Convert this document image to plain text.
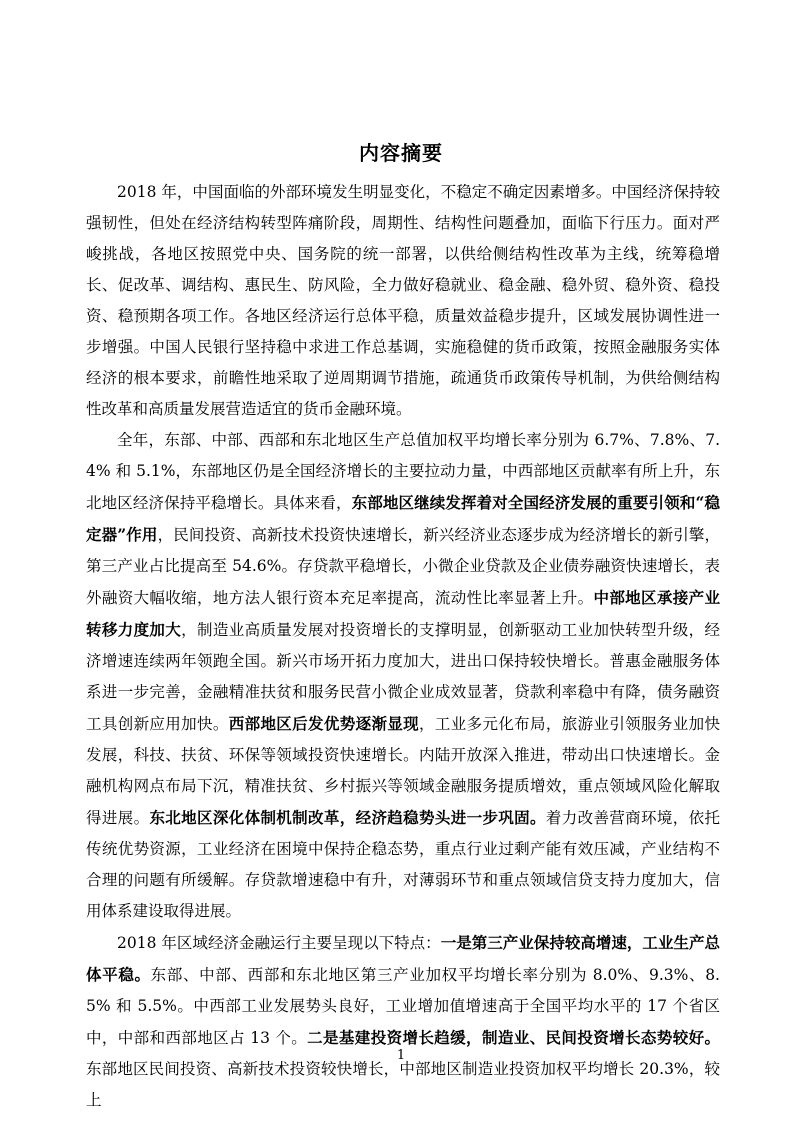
内容摘要

2018 年，中国面临的外部环境发生明显变化，不稳定不确定因素增多。中国经济保持较强韧性，但处在经济结构转型阵痛阶段，周期性、结构性问题叠加，面临下行压力。面对严峻挑战，各地区按照党中央、国务院的统一部署，以供给侧结构性改革为主线，统筹稳增长、促改革、调结构、惠民生、防风险，全力做好稳就业、稳金融、稳外贸、稳外资、稳投资、稳预期各项工作。各地区经济运行总体平稳，质量效益稳步提升，区域发展协调性进一步增强。中国人民银行坚持稳中求进工作总基调，实施稳健的货币政策，按照金融服务实体经济的根本要求，前瞻性地采取了逆周期调节措施，疏通货币政策传导机制，为供给侧结构性改革和高质量发展营造适宜的货币金融环境。

全年，东部、中部、西部和东北地区生产总值加权平均增长率分别为 6.7%、7.8%、7.4% 和 5.1%，东部地区仍是全国经济增长的主要拉动力量，中西部地区贡献率有所上升，东北地区经济保持平稳增长。具体来看，东部地区继续发挥着对全国经济发展的重要引领和“稳定器”作用，民间投资、高新技术投资快速增长，新兴经济业态逐步成为经济增长的新引擎，第三产业占比提高至 54.6%。存贷款平稳增长，小微企业贷款及企业债券融资快速增长，表外融资大幅收缩，地方法人银行资本充足率提高，流动性比率显著上升。中部地区承接产业转移力度加大，制造业高质量发展对投资增长的支撑明显，创新驱动工业加快转型升级，经济增速连续两年领跑全国。新兴市场开拓力度加大，进出口保持较快增长。普惠金融服务体系进一步完善，金融精准扶贫和服务民营小微企业成效显著，贷款利率稳中有降，债务融资工具创新应用加快。西部地区后发优势逐渐显现，工业多元化布局，旅游业引领服务业加快发展，科技、扶贫、环保等领域投资快速增长。内陆开放深入推进，带动出口快速增长。金融机构网点布局下沉，精准扶贫、乡村振兴等领域金融服务提质增效，重点领域风险化解取得进展。东北地区深化体制机制改革，经济趋稳势头进一步巩固。着力改善营商环境，依托传统优势资源，工业经济在困境中保持企稳态势，重点行业过剩产能有效压减，产业结构不合理的问题有所缓解。存贷款增速稳中有升，对薄弱环节和重点领域信贷支持力度加大，信用体系建设取得进展。

2018 年区域经济金融运行主要呈现以下特点：一是第三产业保持较高增速，工业生产总体平稳。东部、中部、西部和东北地区第三产业加权平均增长率分别为 8.0%、9.3%、8.5% 和 5.5%。中西部工业发展势头良好，工业增加值增速高于全国平均水平的 17 个省区中，中部和西部地区占 13 个。二是基建投资增长趋缓，制造业、民间投资增长态势较好。东部地区民间投资、高新技术投资较快增长，中部地区制造业投资加权平均增长 20.3%，较上

1
